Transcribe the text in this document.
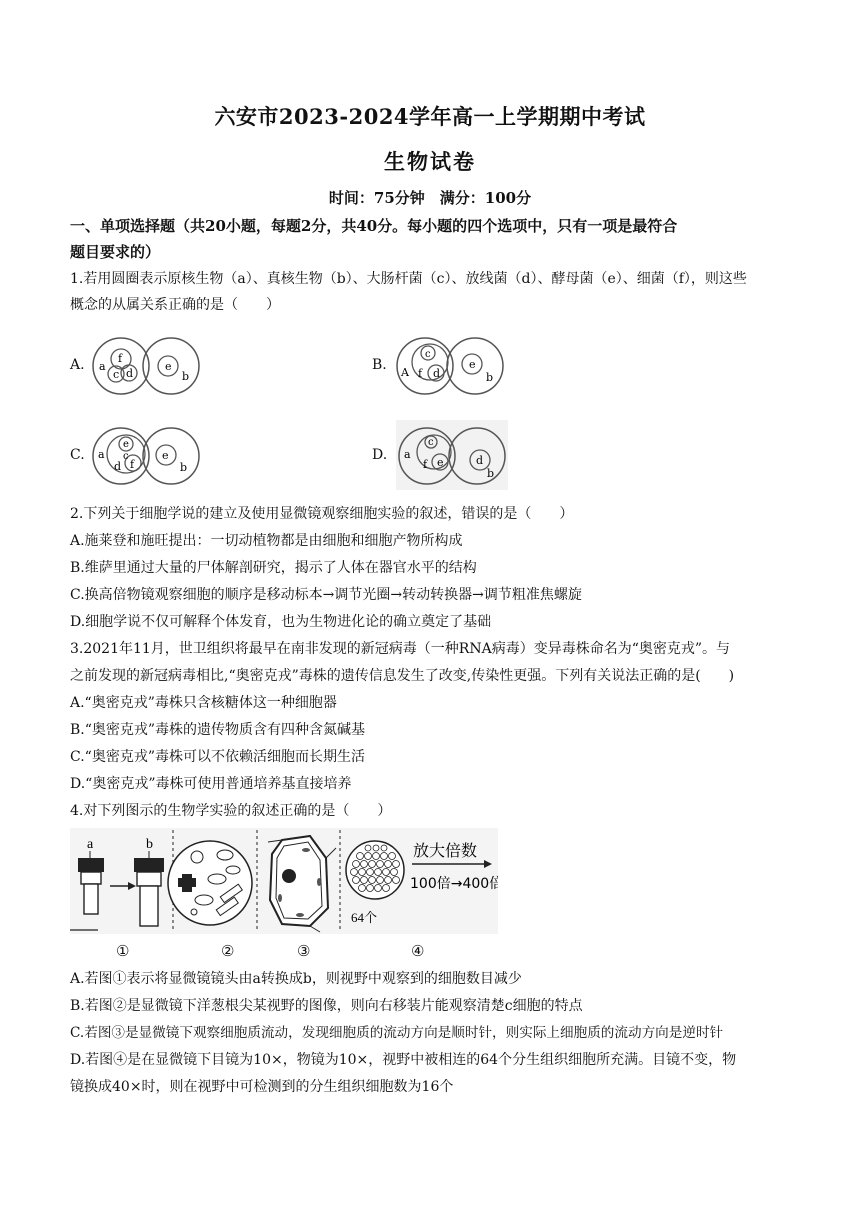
六安市2023-2024学年高一上学期期中考试
生物试卷
时间：75分钟　满分：100分
一、单项选择题（共20小题，每题2分，共40分。每小题的四个选项中，只有一项是最符合
题目要求的）
1.若用圆圈表示原核生物（a）、真核生物（b）、大肠杆菌（c）、放线菌（d）、酵母菌（e）、细菌（f），则这些
概念的从属关系正确的是（　　）
A. a
f
c d
e
b
B. A
c
f d
e
b
C. a
e
c
d f
e
b
D. a
c
f e	d
b
2.下列关于细胞学说的建立及使用显微镜观察细胞实验的叙述，错误的是（　　）
A.施莱登和施旺提出：一切动植物都是由细胞和细胞产物所构成
B.维萨里通过大量的尸体解剖研究，揭示了人体在器官水平的结构
C.换高倍物镜观察细胞的顺序是移动标本→调节光圈→转动转换器→调节粗准焦螺旋
D.细胞学说不仅可解释个体发育，也为生物进化论的确立奠定了基础
3.2021年11月，世卫组织将最早在南非发现的新冠病毒（一种RNA病毒）变异毒株命名为“奥密克戎”。与
之前发现的新冠病毒相比,“奥密克戎”毒株的遗传信息发生了改变,传染性更强。下列有关说法正确的是(　　)
A.“奥密克戎”毒株只含核糖体这一种细胞器
B.“奥密克戎”毒株的遗传物质含有四种含氮碱基
C.“奥密克戎”毒株可以不依赖活细胞而长期生活
D.“奥密克戎”毒株可使用普通培养基直接培养
4.对下列图示的生物学实验的叙述正确的是（　　）
a	b
64个
放大倍数
100倍→400倍
①	②	③	④
A.若图①表示将显微镜镜头由a转换成b，则视野中观察到的细胞数目减少
B.若图②是显微镜下洋葱根尖某视野的图像，则向右移装片能观察清楚c细胞的特点
C.若图③是显微镜下观察细胞质流动，发现细胞质的流动方向是顺时针，则实际上细胞质的流动方向是逆时针
D.若图④是在显微镜下目镜为10×，物镜为10×，视野中被相连的64个分生组织细胞所充满。目镜不变，物
镜换成40×时，则在视野中可检测到的分生组织细胞数为16个
